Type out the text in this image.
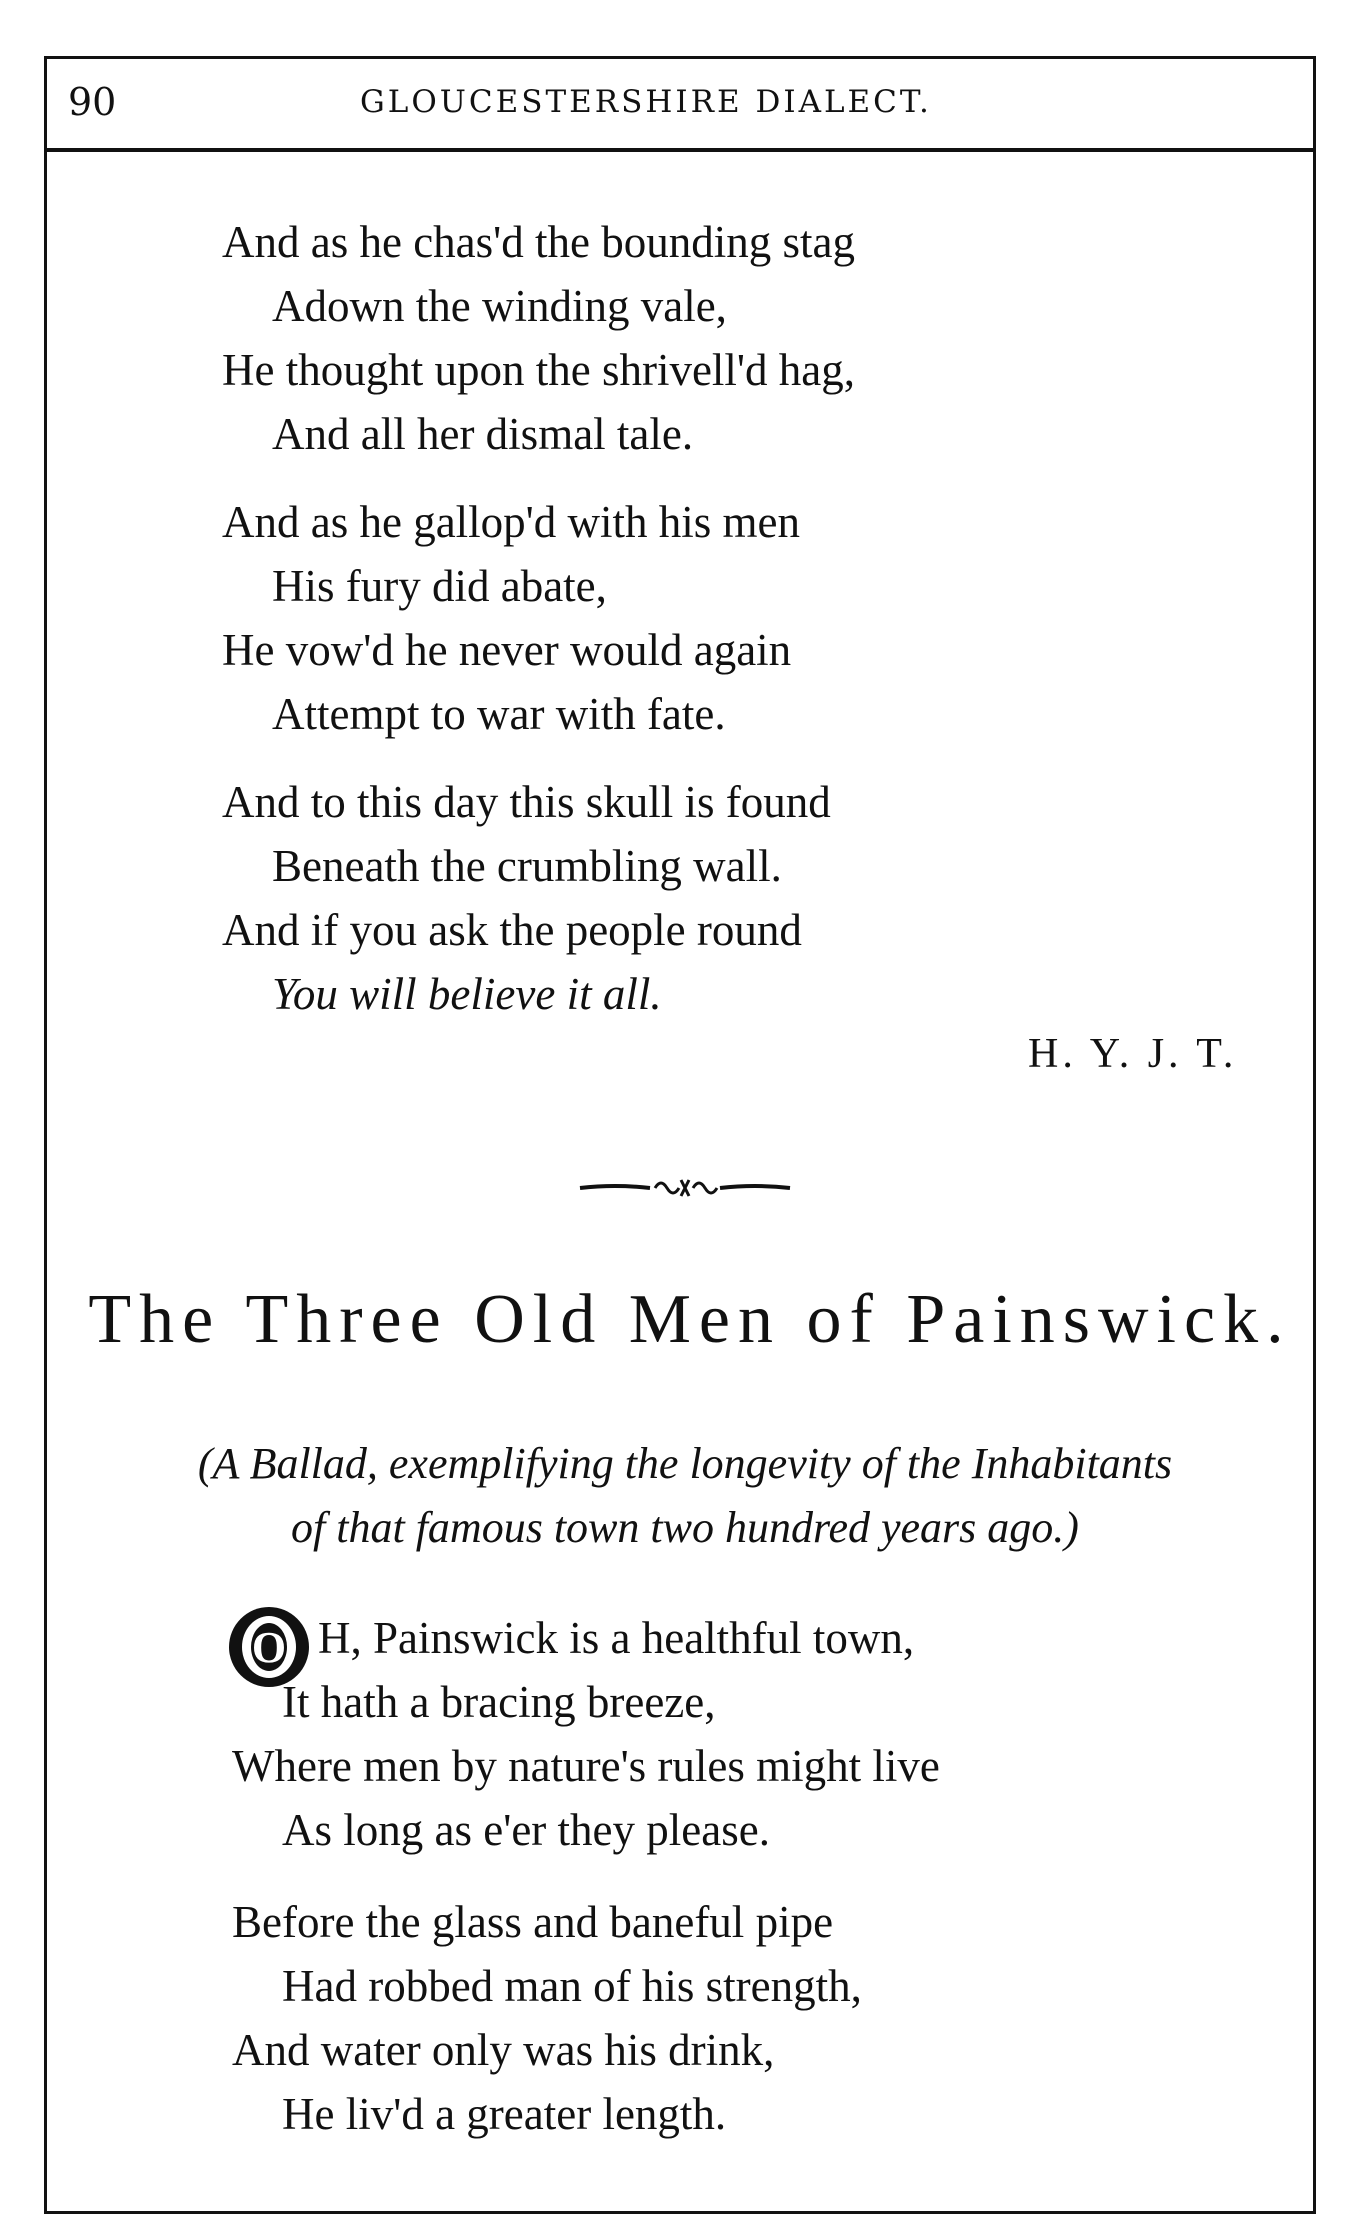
90	GLOUCESTERSHIRE DIALECT.
And as he chas'd the bounding stag
Adown the winding vale,
He thought upon the shrivell'd hag,
And all her dismal tale.
And as he gallop'd with his men
His fury did abate,
He vow'd he never would again
Attempt to war with fate.
And to this day this skull is found
Beneath the crumbling wall.
And if you ask the people round
You will believe it all.
H. Y. J. T.
The Three Old Men of Painswick.
(A Ballad, exemplifying the longevity of the Inhabitants
of that famous town two hundred years ago.)
O H, Painswick is a healthful town,
It hath a bracing breeze,
Where men by nature's rules might live
As long as e'er they please.
Before the glass and baneful pipe
Had robbed man of his strength,
And water only was his drink,
He liv'd a greater length.
